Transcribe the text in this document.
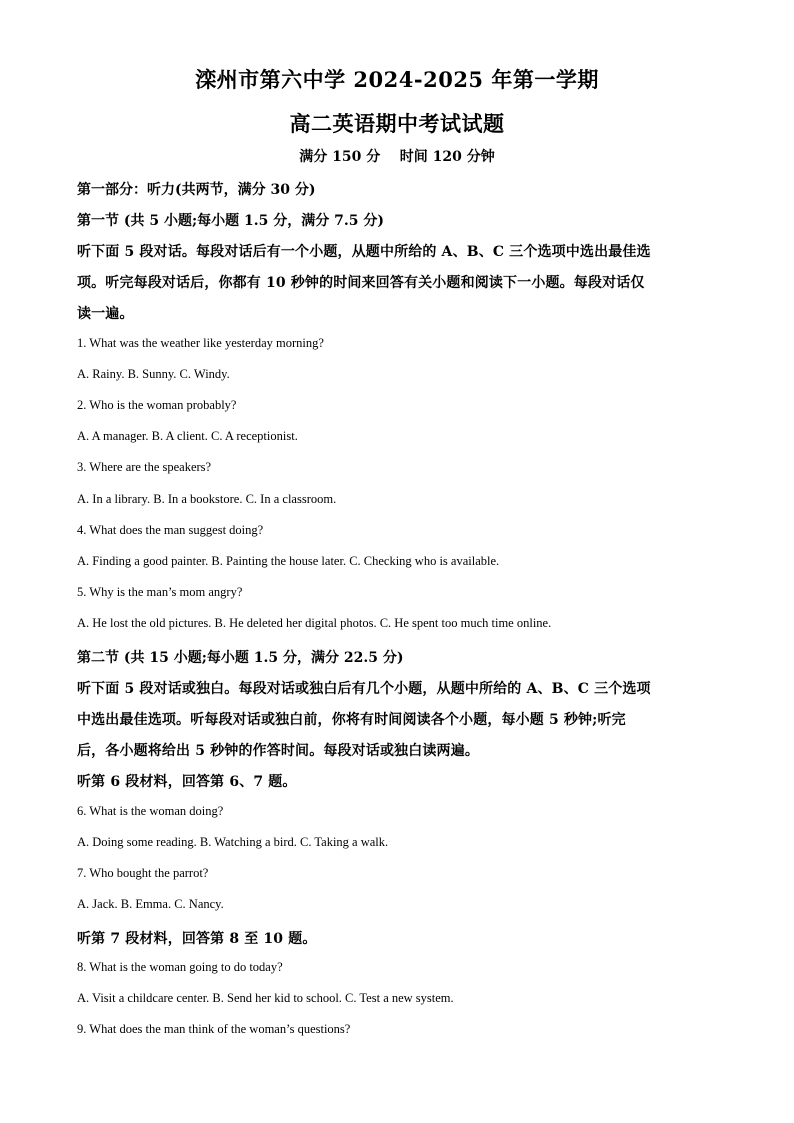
滦州市第六中学 2024-2025 年第一学期
高二英语期中考试试题
满分 150 分    时间 120 分钟
第一部分：听力(共两节，满分 30 分)
第一节 (共 5 小题;每小题 1.5 分，满分 7.5 分)
听下面 5 段对话。每段对话后有一个小题，从题中所给的 A、B、C 三个选项中选出最佳选
项。听完每段对话后，你都有 10 秒钟的时间来回答有关小题和阅读下一小题。每段对话仅
读一遍。
1. What was the weather like yesterday morning?
A. Rainy. B. Sunny. C. Windy.
2. Who is the woman probably?
A. A manager. B. A client. C. A receptionist.
3. Where are the speakers?
A. In a library. B. In a bookstore. C. In a classroom.
4. What does the man suggest doing?
A. Finding a good painter. B. Painting the house later. C. Checking who is available.
5. Why is the man’s mom angry?
A. He lost the old pictures. B. He deleted her digital photos. C. He spent too much time online.
第二节 (共 15 小题;每小题 1.5 分，满分 22.5 分)
听下面 5 段对话或独白。每段对话或独白后有几个小题，从题中所给的 A、B、C 三个选项
中选出最佳选项。听每段对话或独白前，你将有时间阅读各个小题，每小题 5 秒钟;听完
后，各小题将给出 5 秒钟的作答时间。每段对话或独白读两遍。
听第 6 段材料，回答第 6、7 题。
6. What is the woman doing?
A. Doing some reading. B. Watching a bird. C. Taking a walk.
7. Who bought the parrot?
A. Jack. B. Emma. C. Nancy.
听第 7 段材料，回答第 8 至 10 题。
8. What is the woman going to do today?
A. Visit a childcare center. B. Send her kid to school. C. Test a new system.
9. What does the man think of the woman’s questions?
